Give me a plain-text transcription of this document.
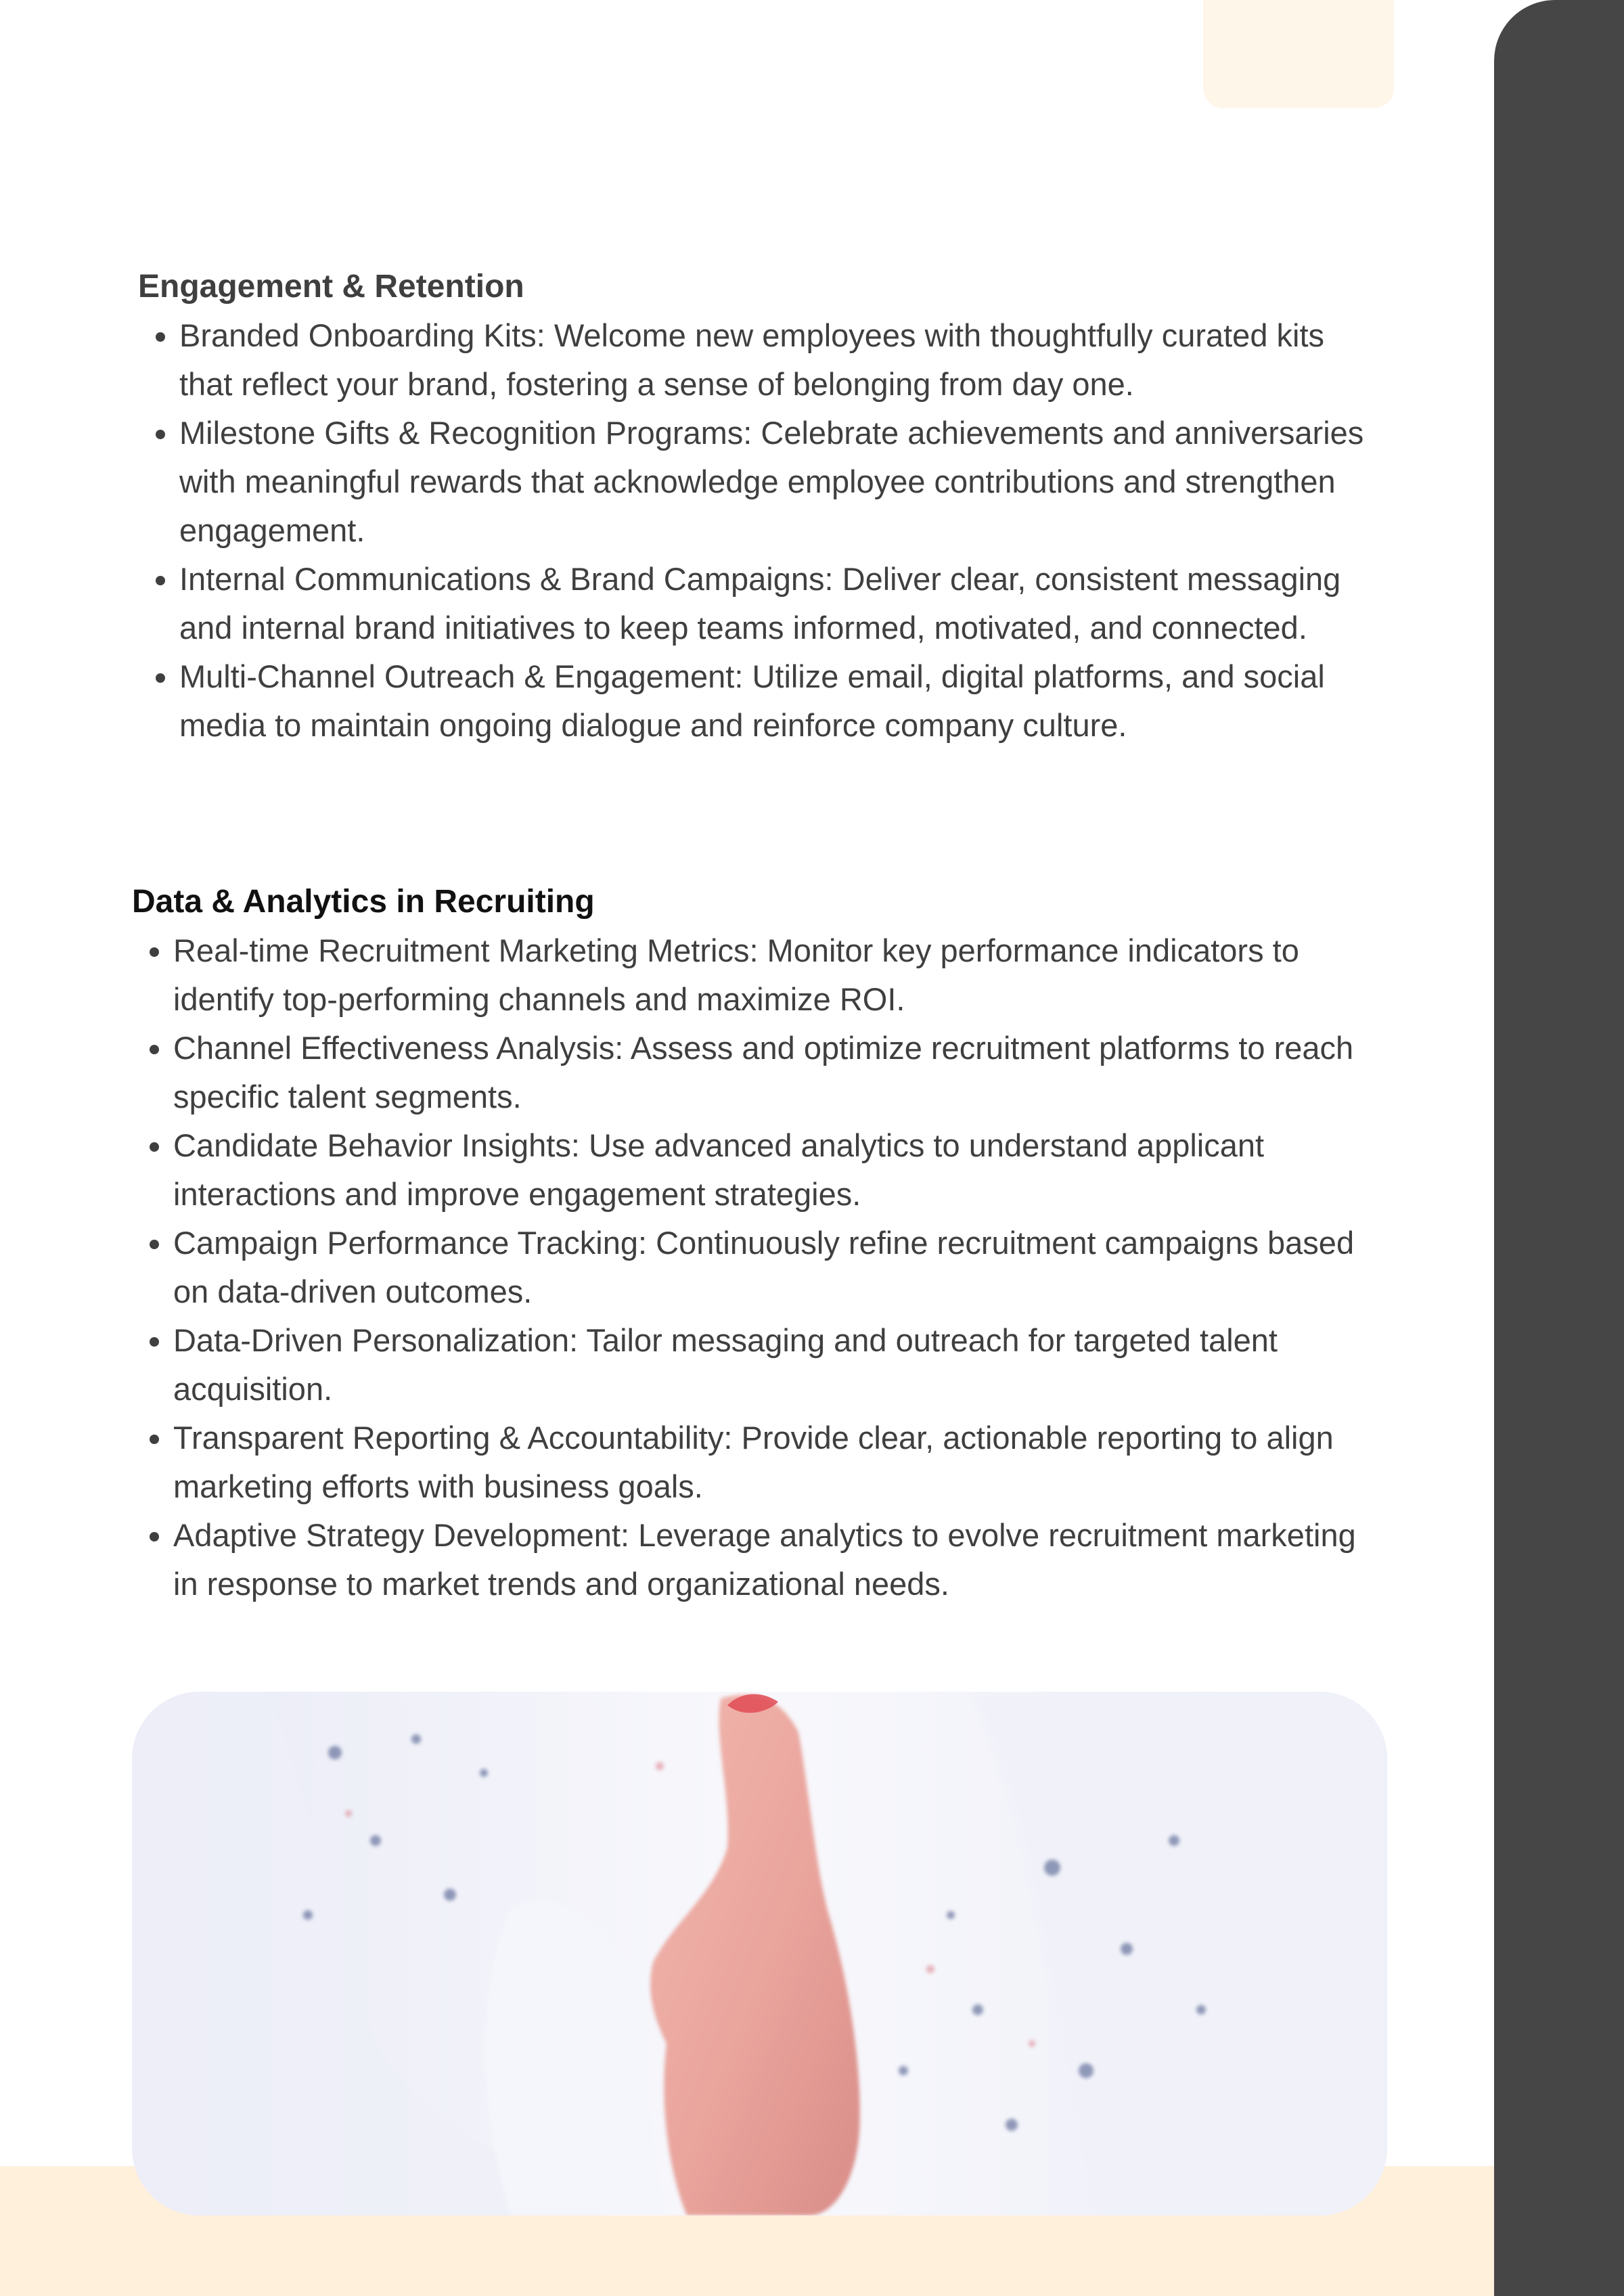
Engagement & Retention
• Branded Onboarding Kits: Welcome new employees with thoughtfully curated kits that reflect your brand, fostering a sense of belonging from day one.
• Milestone Gifts & Recognition Programs: Celebrate achievements and anniversaries with meaningful rewards that acknowledge employee contributions and strengthen engagement.
• Internal Communications & Brand Campaigns: Deliver clear, consistent messaging and internal brand initiatives to keep teams informed, motivated, and connected.
• Multi-Channel Outreach & Engagement: Utilize email, digital platforms, and social media to maintain ongoing dialogue and reinforce company culture.
Data & Analytics in Recruiting
• Real-time Recruitment Marketing Metrics: Monitor key performance indicators to identify top-performing channels and maximize ROI.
• Channel Effectiveness Analysis: Assess and optimize recruitment platforms to reach specific talent segments.
• Candidate Behavior Insights: Use advanced analytics to understand applicant interactions and improve engagement strategies.
• Campaign Performance Tracking: Continuously refine recruitment campaigns based on data-driven outcomes.
• Data-Driven Personalization: Tailor messaging and outreach for targeted talent acquisition.
• Transparent Reporting & Accountability: Provide clear, actionable reporting to align marketing efforts with business goals.
• Adaptive Strategy Development: Leverage analytics to evolve recruitment marketing in response to market trends and organizational needs.
